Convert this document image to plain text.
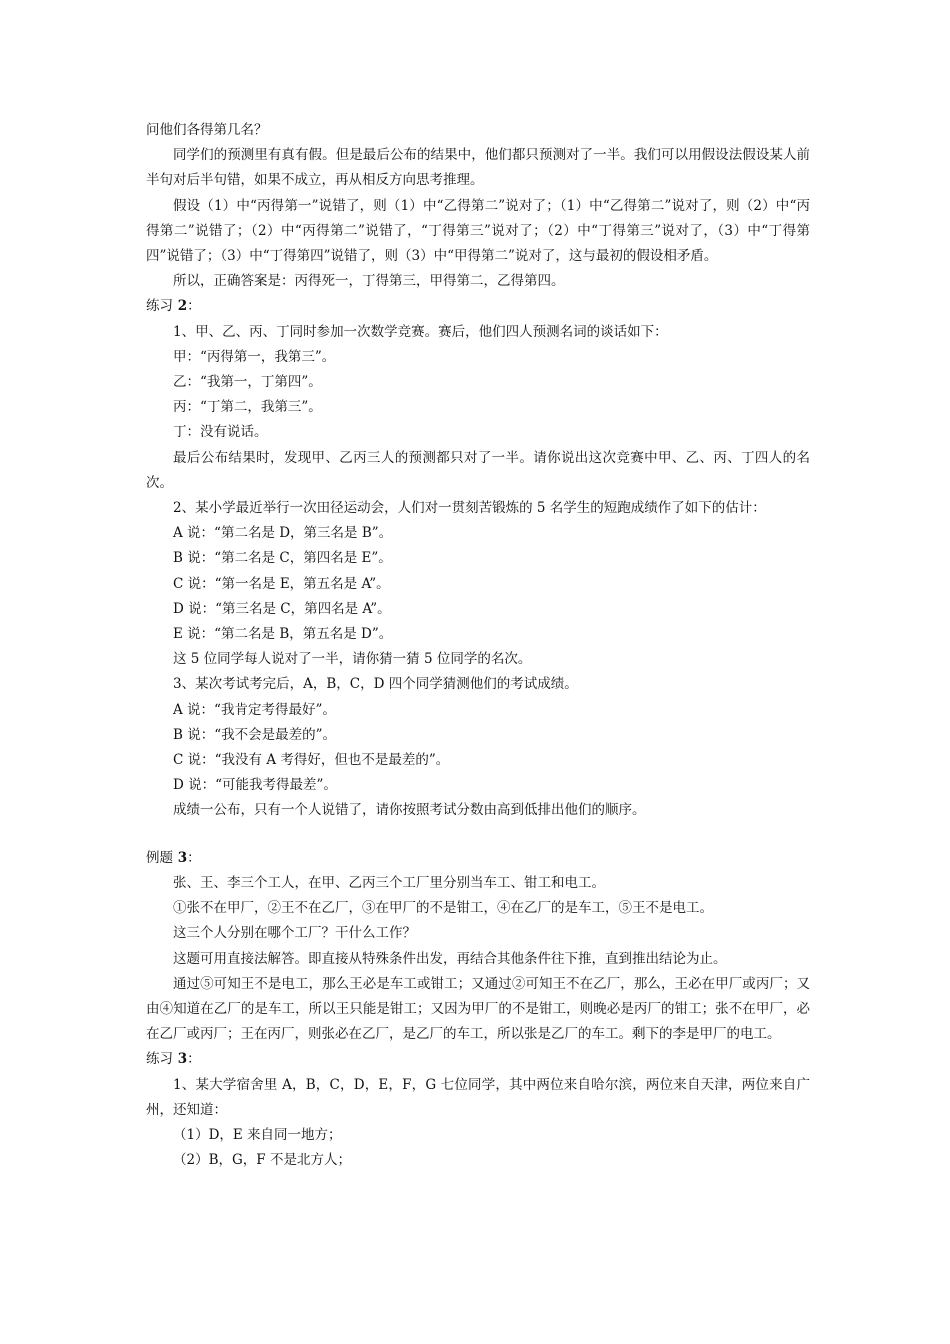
问他们各得第几名？

同学们的预测里有真有假。但是最后公布的结果中，他们都只预测对了一半。我们可以用假设法假设某人前半句对后半句错，如果不成立，再从相反方向思考推理。

假设（1）中“丙得第一”说错了，则（1）中“乙得第二”说对了；（1）中“乙得第二”说对了，则（2）中“丙得第二”说错了；（2）中“丙得第二”说错了，“丁得第三”说对了；（2）中“丁得第三”说对了，（3）中“丁得第四”说错了；（3）中“丁得第四”说错了，则（3）中“甲得第二”说对了，这与最初的假设相矛盾。

所以，正确答案是：丙得死一，丁得第三，甲得第二，乙得第四。

练习 2：

1、甲、乙、丙、丁同时参加一次数学竞赛。赛后，他们四人预测名词的谈话如下：

甲：“丙得第一，我第三”。

乙：“我第一，丁第四”。

丙：“丁第二，我第三”。

丁：没有说话。

最后公布结果时，发现甲、乙丙三人的预测都只对了一半。请你说出这次竞赛中甲、乙、丙、丁四人的名次。

2、某小学最近举行一次田径运动会，人们对一贯刻苦锻炼的 5 名学生的短跑成绩作了如下的估计：

A 说：“第二名是 D，第三名是 B”。

B 说：“第二名是 C，第四名是 E”。

C 说：“第一名是 E，第五名是 A”。

D 说：“第三名是 C，第四名是 A”。

E 说：“第二名是 B，第五名是 D”。

这 5 位同学每人说对了一半，请你猜一猜 5 位同学的名次。

3、某次考试考完后，A，B，C，D 四个同学猜测他们的考试成绩。

A 说：“我肯定考得最好”。

B 说：“我不会是最差的”。

C 说：“我没有 A 考得好，但也不是最差的”。

D 说：“可能我考得最差”。

成绩一公布，只有一个人说错了，请你按照考试分数由高到低排出他们的顺序。

例题 3：

张、王、李三个工人，在甲、乙丙三个工厂里分别当车工、钳工和电工。

①张不在甲厂，②王不在乙厂，③在甲厂的不是钳工，④在乙厂的是车工，⑤王不是电工。

这三个人分别在哪个工厂？干什么工作？

这题可用直接法解答。即直接从特殊条件出发，再结合其他条件往下推，直到推出结论为止。

通过⑤可知王不是电工，那么王必是车工或钳工；又通过②可知王不在乙厂，那么，王必在甲厂或丙厂；又由④知道在乙厂的是车工，所以王只能是钳工；又因为甲厂的不是钳工，则晚必是丙厂的钳工；张不在甲厂，必在乙厂或丙厂；王在丙厂，则张必在乙厂，是乙厂的车工，所以张是乙厂的车工。剩下的李是甲厂的电工。

练习 3：

1、某大学宿舍里 A，B，C，D，E，F，G 七位同学，其中两位来自哈尔滨，两位来自天津，两位来自广州，还知道：

（1）D，E 来自同一地方；

（2）B，G，F 不是北方人；
